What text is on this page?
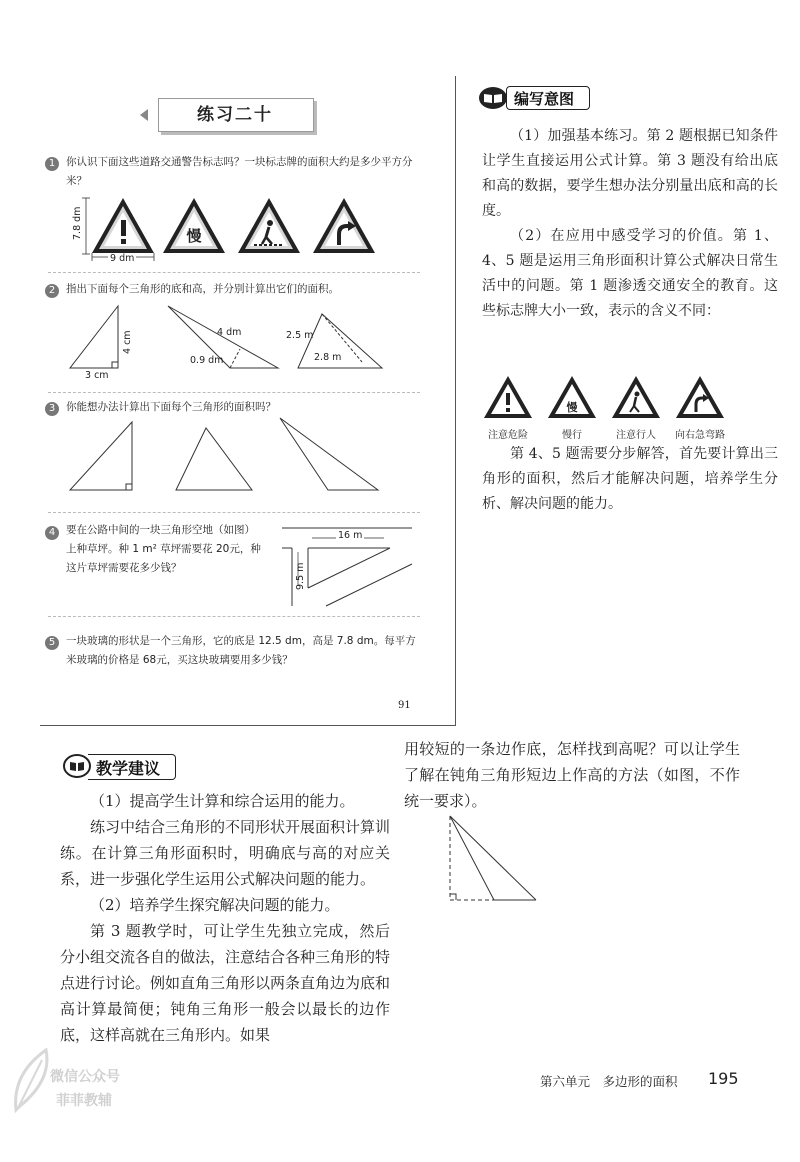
练习二十
1	你认识下面这些道路交通警告标志吗？一块标志牌的面积大约是多少平方分米？
慢
7.8 dm
9 dm
2	指出下面每个三角形的底和高，并分别计算出它们的面积。
3 cm
4 cm	4 dm
0.9 dm
2.5 m
2.8 m
3	你能想办法计算出下面每个三角形的面积吗？
4	要在公路中间的一块三角形空地（如图）
上种草坪。种 1 m² 草坪需要花 20元，种
这片草坪需要花多少钱？
16 m
9.5 m
5	一块玻璃的形状是一个三角形，它的底是 12.5 dm，高是 7.8 dm。每平方
米玻璃的价格是 68元，买这块玻璃要用多少钱？
91
编写意图

（1）加强基本练习。第 2 题根据已知条件让学生直接运用公式计算。第 3 题没有给出底和高的数据，要学生想办法分别量出底和高的长度。

（2）在应用中感受学习的价值。第 1、4、5 题是运用三角形面积计算公式解决日常生活中的问题。第 1 题渗透交通安全的教育。这些标志牌大小一致，表示的含义不同：

慢
注意危险	慢行	注意行人	向右急弯路

第 4、5 题需要分步解答，首先要计算出三角形的面积，然后才能解决问题，培养学生分析、解决问题的能力。

教学建议

（1）提高学生计算和综合运用的能力。

练习中结合三角形的不同形状开展面积计算训练。在计算三角形面积时，明确底与高的对应关系，进一步强化学生运用公式解决问题的能力。

（2）培养学生探究解决问题的能力。

第 3 题教学时，可让学生先独立完成，然后分小组交流各自的做法，注意结合各种三角形的特点进行讨论。例如直角三角形以两条直角边为底和高计算最简便；钝角三角形一般会以最长的边作底，这样高就在三角形内。如果

用较短的一条边作底，怎样找到高呢？可以让学生了解在钝角三角形短边上作高的方法（如图，不作统一要求）。

第六单元　多边形的面积 195
微信公众号
菲菲教辅
